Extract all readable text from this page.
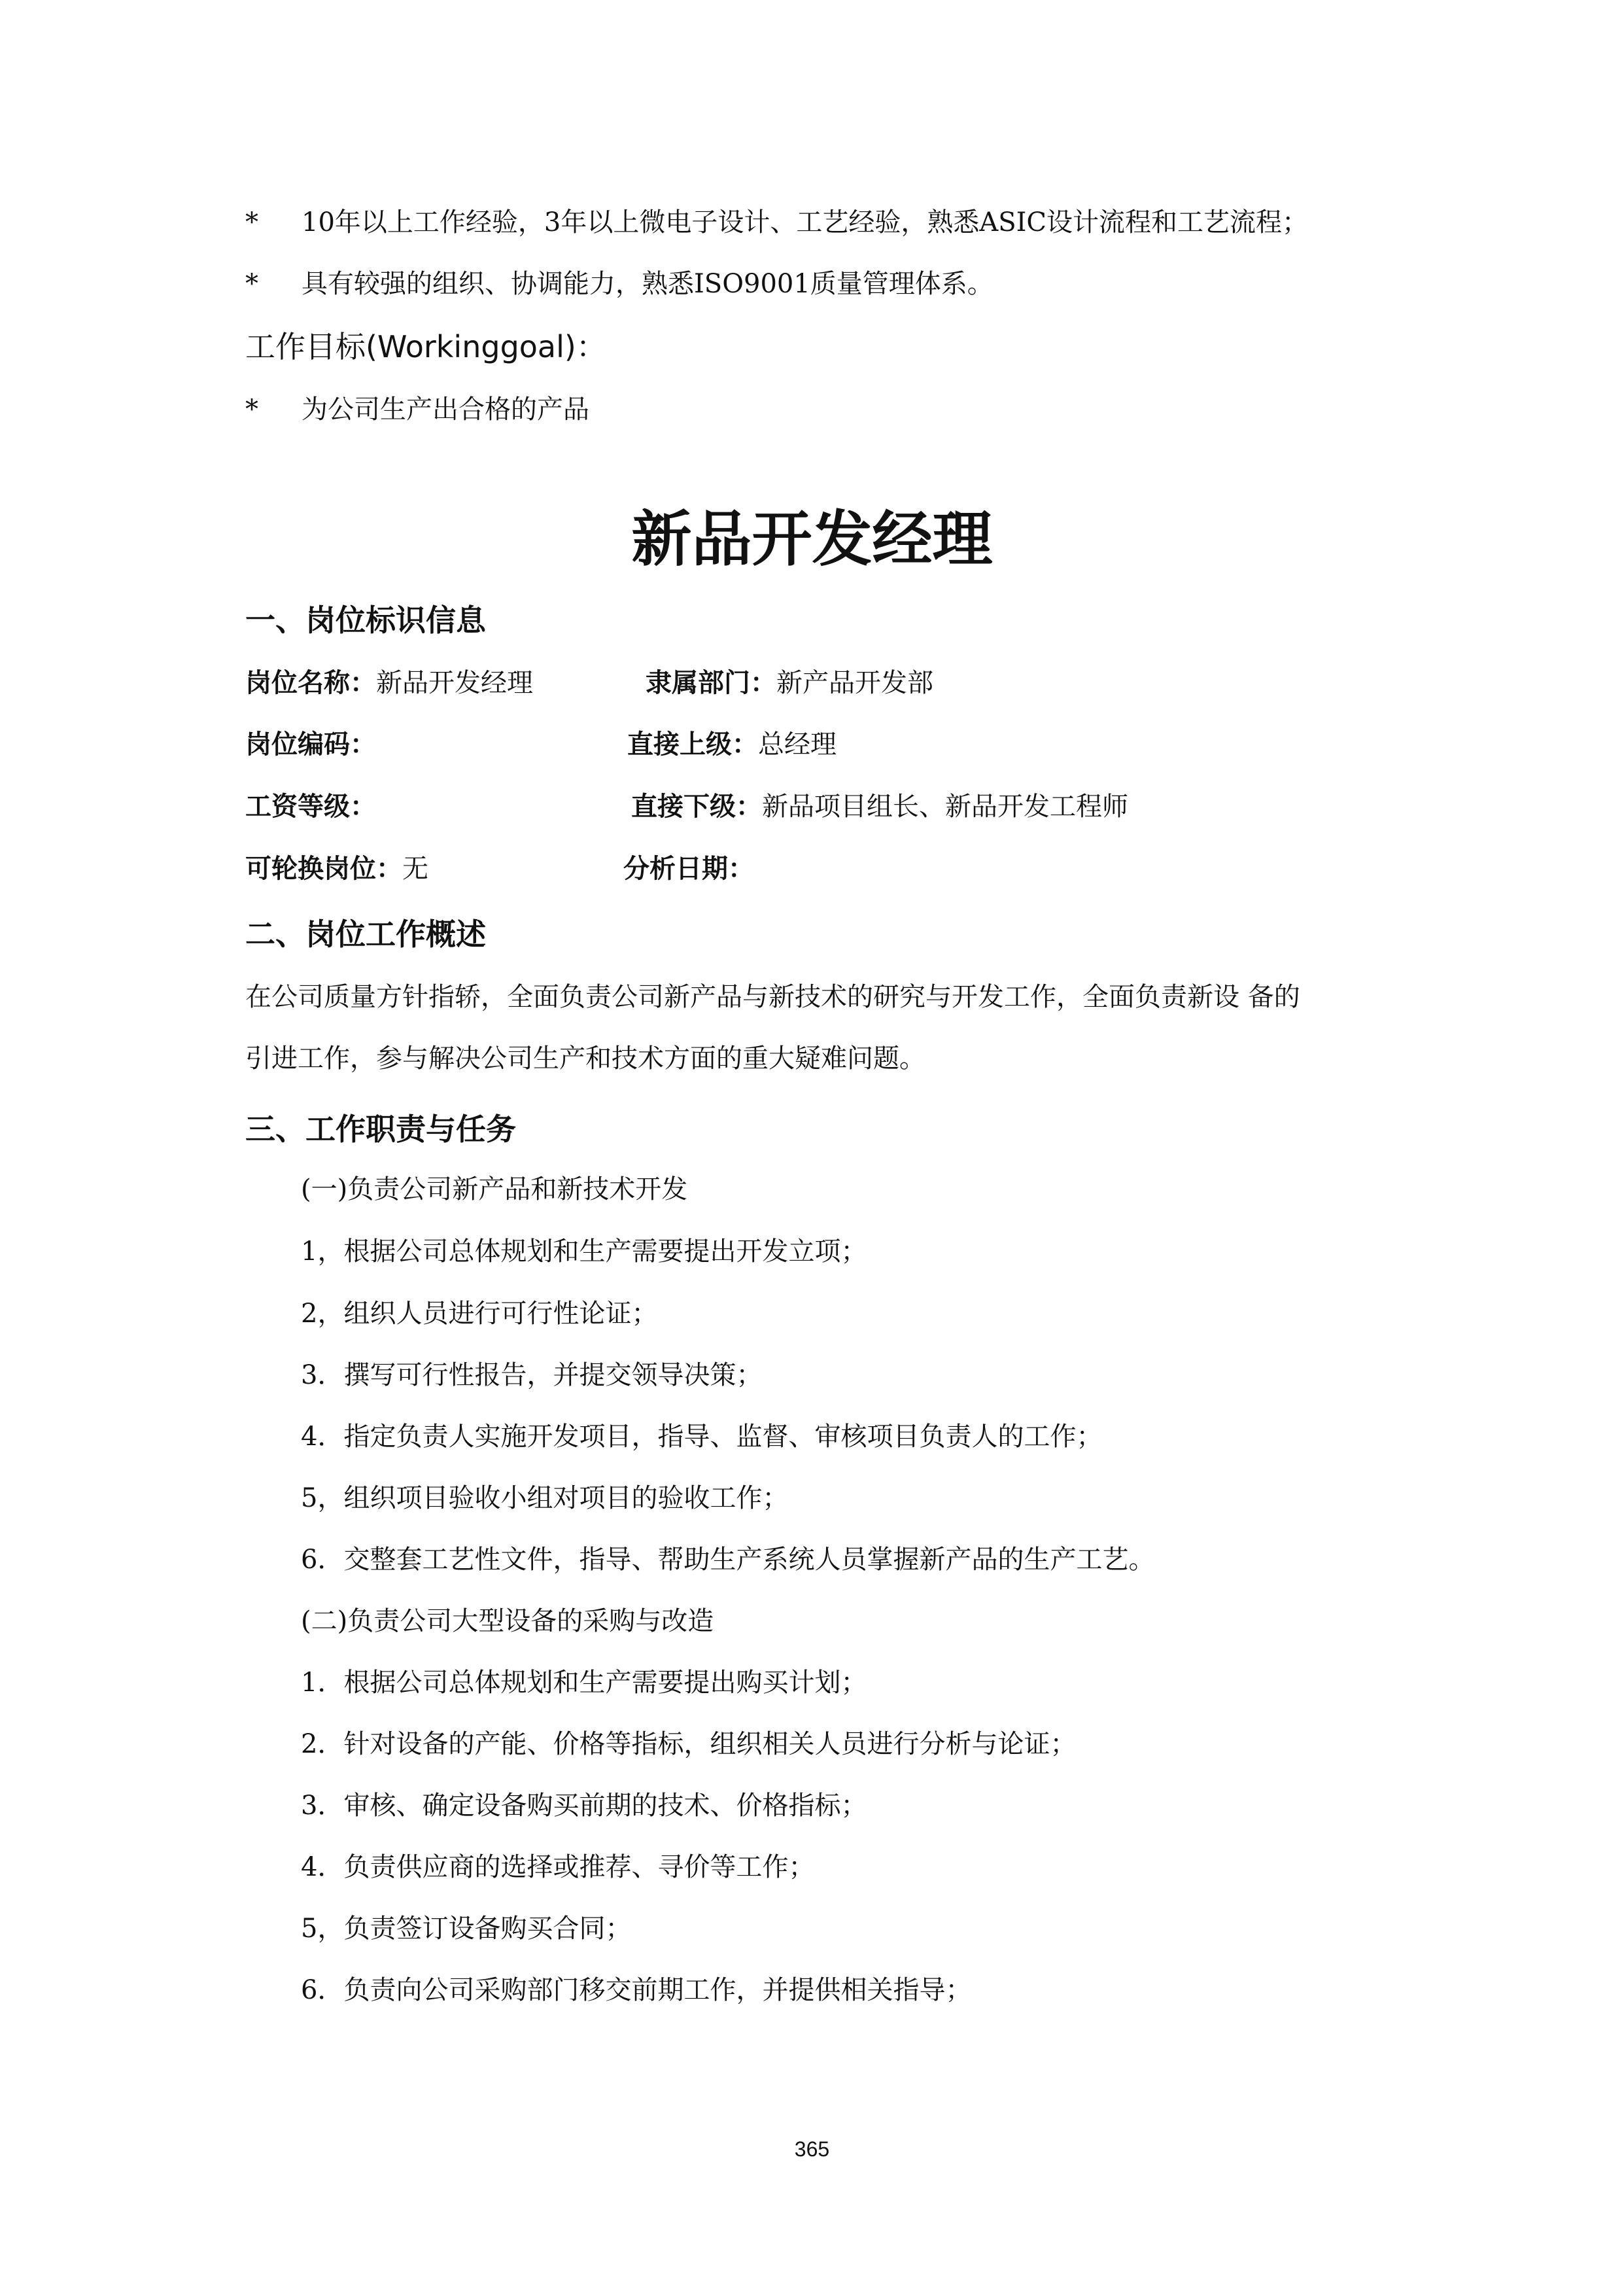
* 10年以上工作经验，3年以上微电子设计、工艺经验，熟悉ASIC设计流程和工艺流程；
* 具有较强的组织、协调能力，熟悉ISO9001质量管理体系。
工作目标(Workinggoal)：
* 为公司生产出合格的产品
新品开发经理
一、岗位标识信息
岗位名称：新品开发经理	隶属部门：新产品开发部
岗位编码：	直接上级：总经理
工资等级：	直接下级：新品项目组长、新品开发工程师
可轮换岗位：无	分析日期：
二、岗位工作概述
在公司质量方针指轿，全面负责公司新产品与新技术的研究与开发工作，全面负责新设 备的
引进工作，参与解决公司生产和技术方面的重大疑难问题。
三、工作职责与任务
(一)负责公司新产品和新技术开发
1，根据公司总体规划和生产需要提出开发立项；
2，组织人员进行可行性论证；
3．撰写可行性报告，并提交领导决策；
4．指定负责人实施开发项目，指导、监督、审核项目负责人的工作；
5，组织项目验收小组对项目的验收工作；
6．交整套工艺性文件，指导、帮助生产系统人员掌握新产品的生产工艺。
(二)负责公司大型设备的采购与改造
1．根据公司总体规划和生产需要提出购买计划；
2．针对设备的产能、价格等指标，组织相关人员进行分析与论证；
3．审核、确定设备购买前期的技术、价格指标；
4．负责供应商的选择或推荐、寻价等工作；
5，负责签订设备购买合同；
6．负责向公司采购部门移交前期工作，并提供相关指导；
365
